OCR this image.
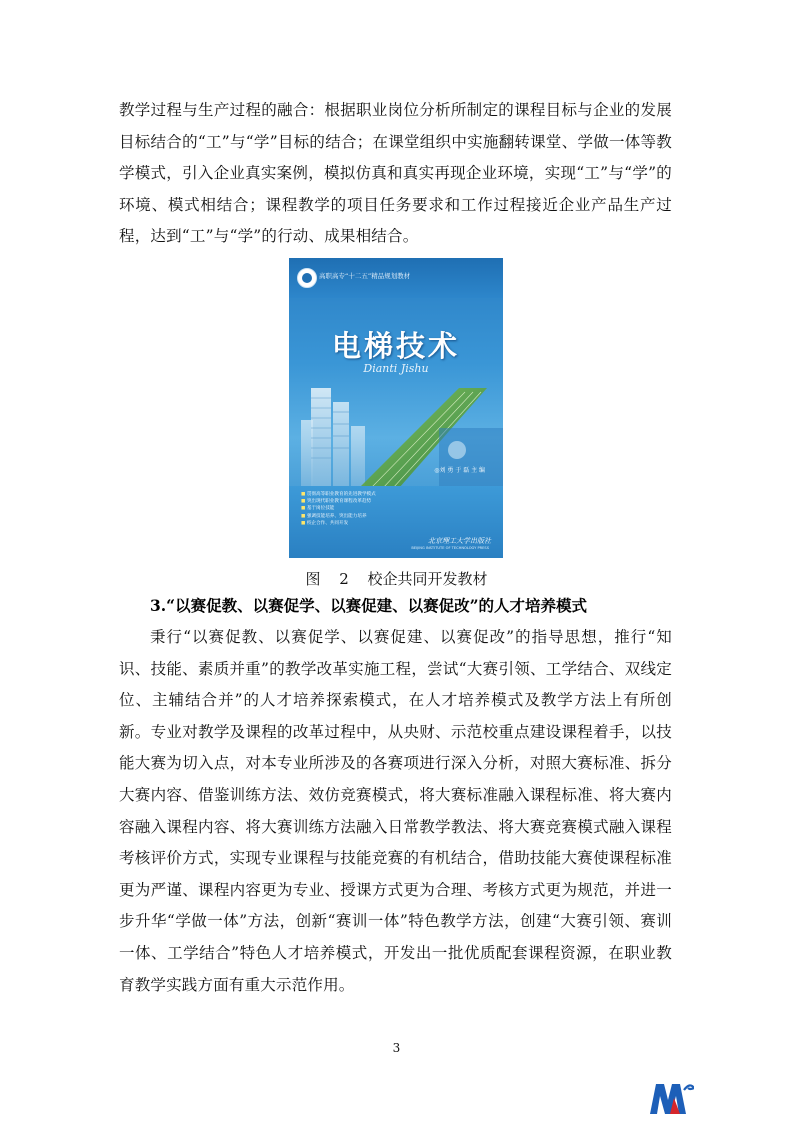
教学过程与生产过程的融合：根据职业岗位分析所制定的课程目标与企业的发展目标结合的“工”与“学”目标的结合；在课堂组织中实施翻转课堂、学做一体等教学模式，引入企业真实案例，模拟仿真和真实再现企业环境，实现“工”与“学”的环境、模式相结合；课程教学的项目任务要求和工作过程接近企业产品生产过程，达到“工”与“学”的行动、成果相结合。

高职高专“十二五”精品规划教材
电梯技术
Dianti Jishu
◎刘 勇 于 磊 主 编
■ 贯彻高等职业教育的先进教学模式
■ 突出现代职业教育课程改革趋势
■ 基于岗位技能
■ 强调技能培养、突出能力培养
■ 校企合作、共同开发
北京理工大学出版社
BEIJING INSTITUTE OF TECHNOLOGY PRESS

图 2 校企共同开发教材

3.“以赛促教、以赛促学、以赛促建、以赛促改”的人才培养模式

秉行“以赛促教、以赛促学、以赛促建、以赛促改”的指导思想，推行“知识、技能、素质并重”的教学改革实施工程，尝试“大赛引领、工学结合、双线定位、主辅结合并”的人才培养探索模式，在人才培养模式及教学方法上有所创新。专业对教学及课程的改革过程中，从央财、示范校重点建设课程着手，以技能大赛为切入点，对本专业所涉及的各赛项进行深入分析，对照大赛标准、拆分大赛内容、借鉴训练方法、效仿竞赛模式，将大赛标准融入课程标准、将大赛内容融入课程内容、将大赛训练方法融入日常教学教法、将大赛竞赛模式融入课程考核评价方式，实现专业课程与技能竞赛的有机结合，借助技能大赛使课程标准更为严谨、课程内容更为专业、授课方式更为合理、考核方式更为规范，并进一步升华“学做一体”方法，创新“赛训一体”特色教学方法，创建“大赛引领、赛训一体、工学结合”特色人才培养模式，开发出一批优质配套课程资源，在职业教育教学实践方面有重大示范作用。

3
